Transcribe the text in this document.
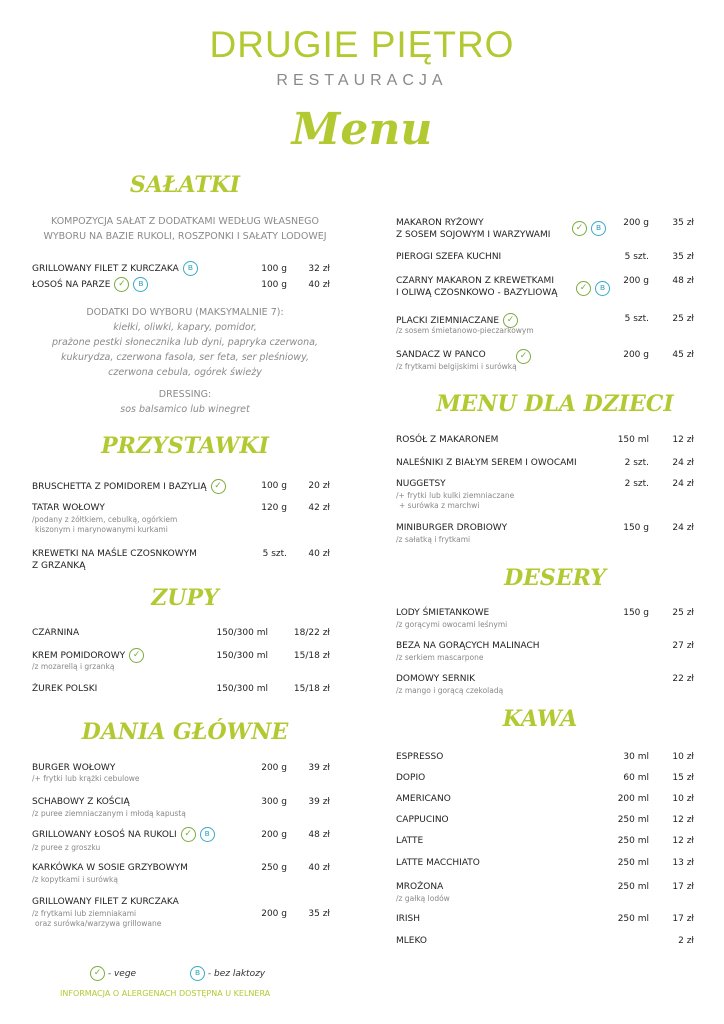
DRUGIE PIĘTRO
RESTAURACJA
Menu
SAŁATKI
KOMPOZYCJA SAŁAT Z DODATKAMI WEDŁUG WŁASNEGO
WYBORU NA BAZIE RUKOLI, ROSZPONKI I SAŁATY LODOWEJ
GRILLOWANY FILET Z KURCZAKA ʙ	100 g	32 zł
ŁOSOŚ NA PARZE ✓ ʙ	100 g	40 zł
DODATKI DO WYBORU (MAKSYMALNIE 7):
kiełki, oliwki, kapary, pomidor,
prażone pestki słonecznika lub dyni, papryka czerwona,
kukurydza, czerwona fasola, ser feta, ser pleśniowy,
czerwona cebula, ogórek świeży
DRESSING:
sos balsamico lub winegret
PRZYSTAWKI
BRUSCHETTA Z POMIDOREM I BAZYLIĄ ✓	100 g	20 zł
TATAR WOŁOWY
/podany z żółtkiem, cebulką, ogórkiem
kiszonym i marynowanymi kurkami
120 g	42 zł
KREWETKI NA MAŚLE CZOSNKOWYM
Z GRZANKĄ
5 szt.	40 zł
ZUPY
CZARNINA	150/300 ml	18/22 zł
KREM POMIDOROWY ✓
/z mozarellą i grzanką
150/300 ml	15/18 zł
ŻUREK POLSKI	150/300 ml	15/18 zł
DANIA GŁÓWNE
BURGER WOŁOWY
/+ frytki lub krążki cebulowe
200 g	39 zł
SCHABOWY Z KOŚCIĄ
/z puree ziemniaczanym i młodą kapustą
300 g	39 zł
GRILLOWANY ŁOSOŚ NA RUKOLI ✓ ʙ
/z puree z groszku
200 g	48 zł
KARKÓWKA W SOSIE GRZYBOWYM
/z kopytkami i surówką
250 g	40 zł
GRILLOWANY FILET Z KURCZAKA
/z frytkami lub ziemniakami
oraz surówka/warzywa grillowane
200 g	35 zł
✓ - vege	ʙ - bez laktozy
INFORMACJA O ALERGENACH DOSTĘPNA U KELNERA
MAKARON RYŻOWY
Z SOSEM SOJOWYM I WARZYWAMI
✓ ʙ	200 g	35 zł
PIEROGI SZEFA KUCHNI	5 szt.	35 zł
CZARNY MAKARON Z KREWETKAMI
I OLIWĄ CZOSNKOWO - BAZYLIOWĄ	✓ ʙ
200 g	48 zł
PLACKI ZIEMNIACZANE ✓
/z sosem śmietanowo-pieczarkowym
5 szt.	25 zł
SANDACZ W PANCO	✓
/z frytkami belgijskimi i surówką
200 g	45 zł
MENU DLA DZIECI
ROSÓŁ Z MAKARONEM	150 ml	12 zł
NALEŚNIKI Z BIAŁYM SEREM I OWOCAMI	2 szt.	24 zł
NUGGETSY
/+ frytki lub kulki ziemniaczane
+ surówka z marchwi
2 szt.	24 zł
MINIBURGER DROBIOWY
/z sałatką i frytkami
150 g	24 zł
DESERY
LODY ŚMIETANKOWE
/z gorącymi owocami leśnymi
150 g	25 zł
BEZA NA GORĄCYCH MALINACH
/z serkiem mascarpone
27 zł
DOMOWY SERNIK
/z mango i gorącą czekoladą
22 zł
KAWA
ESPRESSO	30 ml	10 zł
DOPIO	60 ml	15 zł
AMERICANO	200 ml	10 zł
CAPPUCINO	250 ml	12 zł
LATTE	250 ml	12 zł
LATTE MACCHIATO	250 ml	13 zł
MROŻONA
/z gałką lodów
250 ml	17 zł
IRISH	250 ml	17 zł
MLEKO	2 zł
